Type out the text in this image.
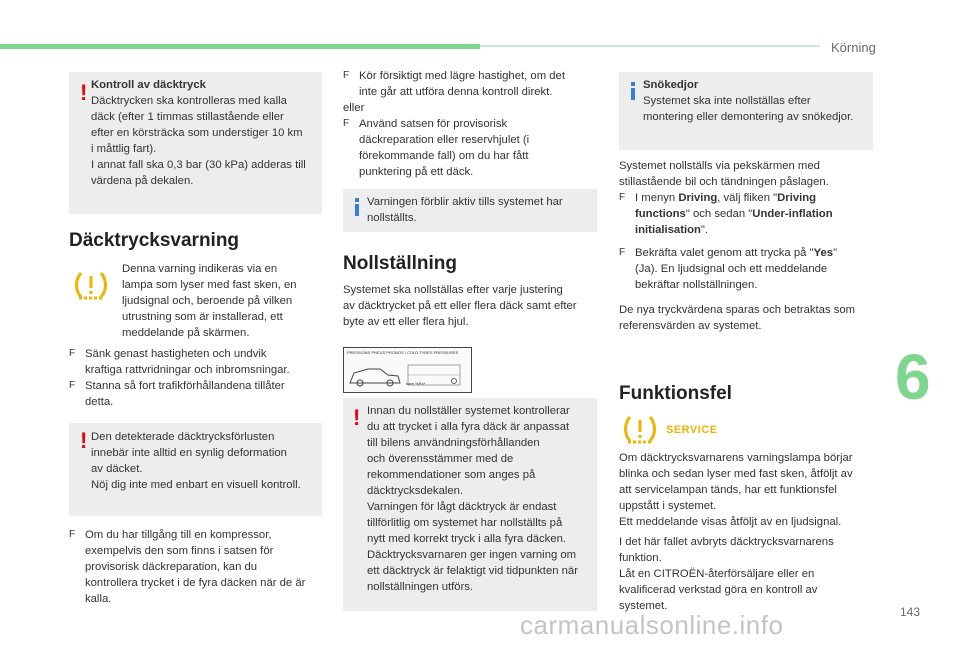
Körning
6
143
! Kontroll av däcktryck

Däcktrycken ska kontrolleras med kalla

däck (efter 1 timmas stillastående eller

efter en körsträcka som understiger 10 km

i måttlig fart).

I annat fall ska 0,3 bar (30 kPa) adderas till

värdena på dekalen.

Däcktrycksvarning

Denna varning indikeras via en

lampa som lyser med fast sken, en

ljudsignal och, beroende på vilken

utrustning som är installerad, ett

meddelande på skärmen.

F Sänk genast hastigheten och undvik

kraftiga rattvridningar och inbromsningar.

F Stanna så fort trafikförhållandena tillåter

detta.

! Den detekterade däcktrycksförlusten

innebär inte alltid en synlig deformation

av däcket.

Nöj dig inte med enbart en visuell kontroll.

F Om du har tillgång till en kompressor,

exempelvis den som finns i satsen för

provisorisk däckreparation, kan du

kontrollera trycket i de fyra däcken när de är

kalla.

F Kör försiktigt med lägre hastighet, om det

inte går att utföra denna kontroll direkt.

eller

F Använd satsen för provisorisk

däckreparation eller reservhjulet (i

förekommande fall) om du har fått

punktering på ett däck.

Varningen förblir aktiv tills systemet har

nollställts.

Nollställning

Systemet ska nollställas efter varje justering

av däcktrycket på ett eller flera däck samt efter

byte av ett eller flera hjul.

PRESSIONS PNEUS PRONOS / COLD TYRES PRESSURES
bare *kPa*
! Innan du nollställer systemet kontrollerar

du att trycket i alla fyra däck är anpassat

till bilens användningsförhållanden

och överensstämmer med de

rekommendationer som anges på

däcktrycksdekalen.

Varningen för lågt däcktryck är endast

tillförlitlig om systemet har nollställts på

nytt med korrekt tryck i alla fyra däcken.

Däcktrycksvarnaren ger ingen varning om

ett däcktryck är felaktigt vid tidpunkten när

nollställningen utförs.

Snökedjor

Systemet ska inte nollställas efter

montering eller demontering av snökedjor.

Systemet nollställs via pekskärmen med

stillastående bil och tändningen påslagen.

F I menyn Driving, välj fliken "Driving

functions" och sedan "Under-inflation

initialisation".

F Bekräfta valet genom att trycka på "Yes"

(Ja). En ljudsignal och ett meddelande

bekräftar nollställningen.

De nya tryckvärdena sparas och betraktas som

referensvärden av systemet.

Funktionsfel
SERVICE

Om däcktrycksvarnarens varningslampa börjar

blinka och sedan lyser med fast sken, åtföljt av

att servicelampan tänds, har ett funktionsfel

uppstått i systemet.

Ett meddelande visas åtföljt av en ljudsignal.

I det här fallet avbryts däcktrycksvarnarens

funktion.

Låt en CITROËN-återförsäljare eller en

kvalificerad verkstad göra en kontroll av

systemet.

carmanualsonline.info
